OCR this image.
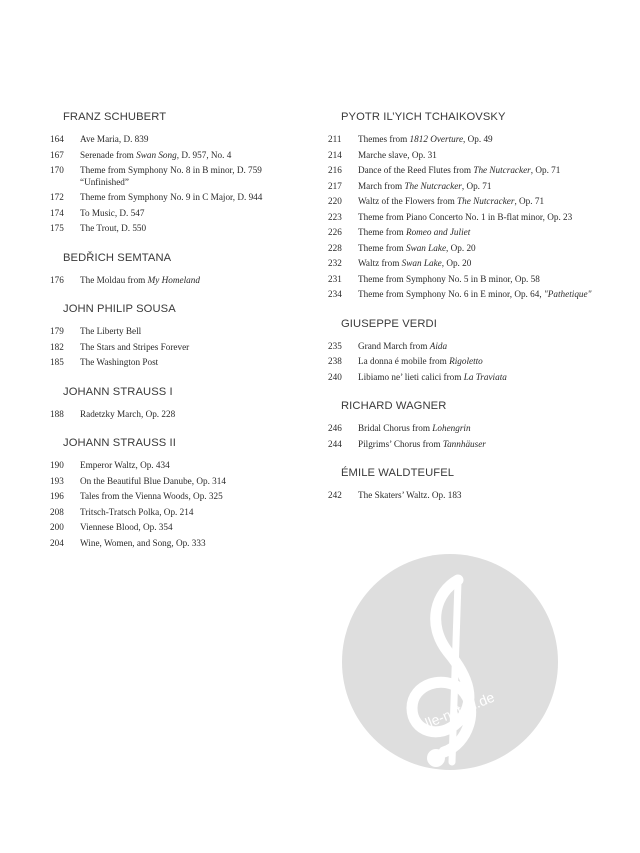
FRANZ SCHUBERT
164	Ave Maria, D. 839
167	Serenade from Swan Song, D. 957, No. 4
170	Theme from Symphony No. 8 in B minor, D. 759 “Unfinished”
172	Theme from Symphony No. 9 in C Major, D. 944
174	To Music, D. 547
175	The Trout, D. 550
BEDŘICH SEMTANA
176	The Moldau from My Homeland
JOHN PHILIP SOUSA
179	The Liberty Bell
182	The Stars and Stripes Forever
185	The Washington Post
JOHANN STRAUSS I
188	Radetzky March, Op. 228
JOHANN STRAUSS II
190	Emperor Waltz, Op. 434
193	On the Beautiful Blue Danube, Op. 314
196	Tales from the Vienna Woods, Op. 325
208	Tritsch-Tratsch Polka, Op. 214
200	Viennese Blood, Op. 354
204	Wine, Women, and Song, Op. 333
PYOTR IL’YICH TCHAIKOVSKY
211	Themes from 1812 Overture, Op. 49
214	Marche slave, Op. 31
216	Dance of the Reed Flutes from The Nutcracker, Op. 71
217	March from The Nutcracker, Op. 71
220	Waltz of the Flowers from The Nutcracker, Op. 71
223	Theme from Piano Concerto No. 1 in B-flat minor, Op. 23
226	Theme from Romeo and Juliet
228	Theme from Swan Lake, Op. 20
232	Waltz from Swan Lake, Op. 20
231	Theme from Symphony No. 5 in B minor, Op. 58
234	Theme from Symphony No. 6 in E minor, Op. 64, "Pathetique"
GIUSEPPE VERDI
235	Grand March from Aida
238	La donna é mobile from Rigoletto
240	Libiamo ne’ lieti calici from La Traviata
RICHARD WAGNER
246	Bridal Chorus from Lohengrin
244	Pilgrims’ Chorus from Tannhäuser
ÉMILE WALDTEUFEL
242	The Skaters’ Waltz. Op. 183
alle-noten.de
